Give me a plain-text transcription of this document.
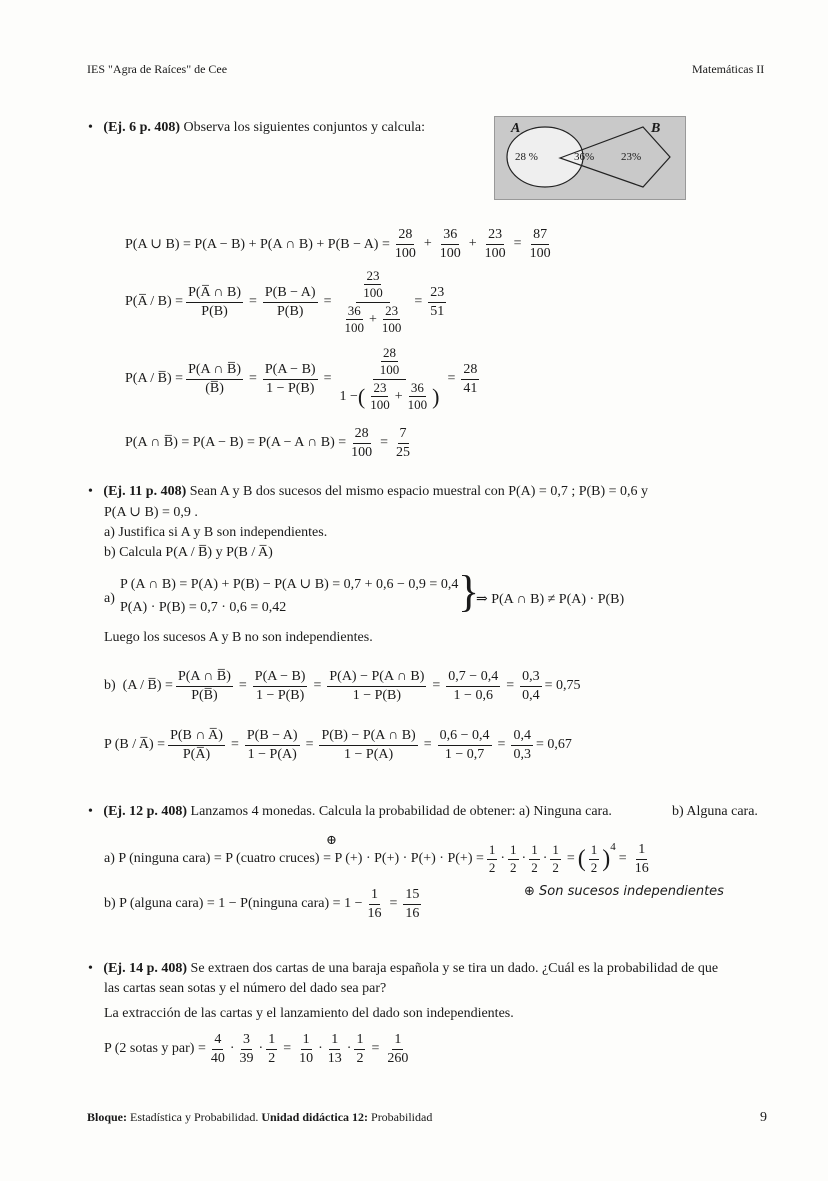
IES "Agra de Raíces" de Cee	Matemáticas II
• (Ej. 6 p. 408) Observa los siguientes conjuntos y calcula:	A	B
28 %	36% 23%
P(A ∪ B) = P(A − B) + P(A ∩ $B) + P(B - A) = \frac{28}{100} + \frac{36}{100} + \frac{23}{100} = \frac{87}{100}$
P(A̅ / $B) = \frac{P(A̅ \cap B)}{P(B)} = \frac{P(B - A)}{P(B)} = \frac{\frac{23}{100}}{\frac{36}{100} + \frac{23}{100}} = \frac{23}{51}$
P(A / B̅) = $\frac{P(A \cap B̅)}{(B̅)} = \frac{P(A - B)}{1 - P(B)} = \frac{\frac{28}{100}}{1 - ( \frac{23}{100} + \frac{36}{100} )} = \frac{28}{41}$
P(A ∩ B̅) = P(A − B) = P(A − A ∩ $B) = \frac{28}{100} = \frac{7}{25}$
• (Ej. 11 p. 408) Sean A y B dos sucesos del mismo espacio muestral con P(A) = 0,7 ; P(B) = 0,6 y
P(A ∪ B) = 0,9 .
a) Justifica si A y B son independientes.
b) Calcula P(A / B̅) y P(B / A̅)
a)
P (A ∩ B) = P(A) + P(B) − P(A ∪ B) = 0,7 + 0,6 − 0,9 = 0,4
P(A) · P(B) = 0,7 · 0,6 = 0,42	}
⇒ P(A ∩ B) ≠ P(A) · P(B)
Luego los sucesos A y B no son independientes.
b)
(A / B̅) = $\frac{P(A \cap B̅)}{P(B̅)} = \frac{P(A - B)}{1 - P(B)} = \frac{P(A) - P(A \cap B)}{1 - P(B)} = \frac{0,7 - 0,4}{1 - 0,6} = \frac{0,3}{0,4} = 0,75$
P (B / A̅) = $\frac{P(B \cap A̅)}{P(A̅)} = \frac{P(B - A)}{1 - P(A)} = \frac{P(B) - P(A \cap B)}{1 - P(A)} = \frac{0,6 - 0,4}{1 - 0,7} = \frac{0,4}{0,3} = 0,67$
• (Ej. 12 p. 408) Lanzamos 4 monedas. Calcula la probabilidad de obtener: a) Ninguna cara.	b) Alguna cara.
a) P (ninguna cara) = P (cuatro cruces) = P (+) · $P(+) \cdot P(+) \cdot P(+) = \frac{1}{2} \cdot \frac{1}{2} \cdot \frac{1}{2} \cdot \frac{1}{2}$ = ( $\frac{1}{2} )^4$
= $\frac{1}{16}$
⊕
b) P (alguna cara) = 1 − P(ninguna cara) = $1 - \frac{1}{16} = \frac{15}{16}$	⊕ Son sucesos independientes
• (Ej. 14 p. 408) Se extraen dos cartas de una baraja española y se tira un dado. ¿Cuál es la probabilidad de que
las cartas sean sotas y el número del dado sea par?
La extracción de las cartas y el lanzamiento del dado son independientes.
P (2 sotas y $par) = \frac{4}{40} \cdot \frac{3}{39} \cdot \frac{1}{2} = \frac{1}{10} \cdot \frac{1}{13} \cdot \frac{1}{2} = \frac{1}{260}$
Bloque: Estadística y Probabilidad. Unidad didáctica 12: Probabilidad	9
